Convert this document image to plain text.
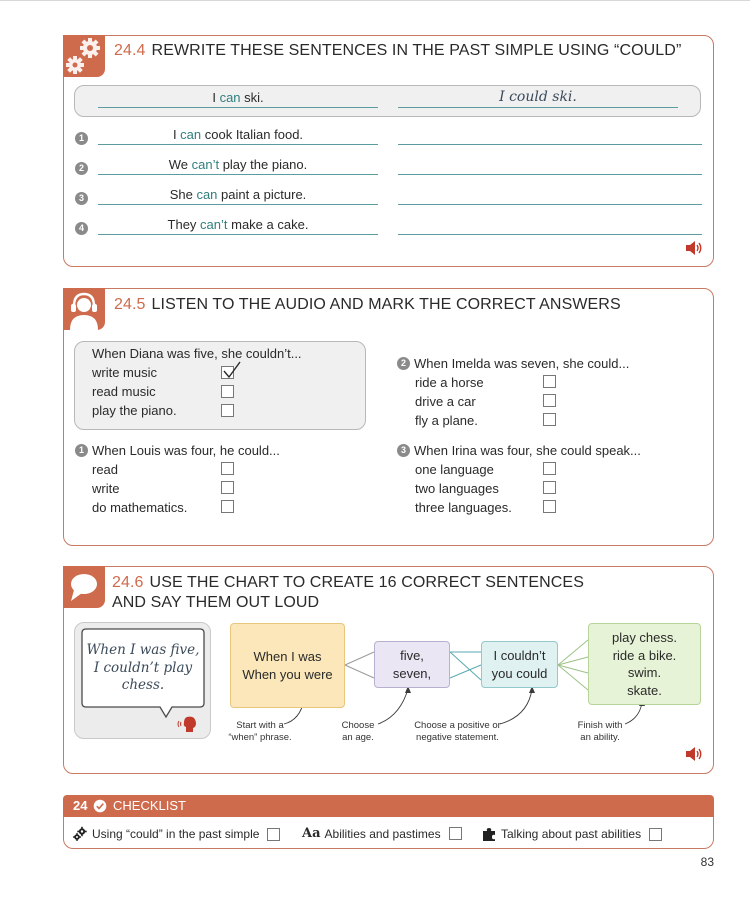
24.4 REWRITE THESE SENTENCES IN THE PAST SIMPLE USING “COULD”
I can ski.	I could ski.
1	I can cook Italian food.
2	We can’t play the piano.
3	She can paint a picture.
4	They can’t make a cake.
24.5 LISTEN TO THE AUDIO AND MARK THE CORRECT ANSWERS
When Diana was five, she couldn’t...
write music
read music
play the piano.
1 When Louis was four, he could...
read
write
do mathematics.
2 When Imelda was seven, she could...
ride a horse
drive a car
fly a plane.
3 When Irina was four, she could speak...
one language
two languages
three languages.
24.6 USE THE CHART TO CREATE 16 CORRECT SENTENCES
AND SAY THEM OUT LOUD
When I was five,
I couldn’t play
chess.
When I was
When you were
five,
seven,
I couldn’t
you could
play chess.
ride a bike.
swim.
skate.
Start with a
“when” phrase.
Choose
an age.
Choose a positive or
negative statement.
Finish with
an ability.
24 CHECKLIST
Using “could” in the past simple	Aa Abilities and pastimes	Talking about past abilities
83
